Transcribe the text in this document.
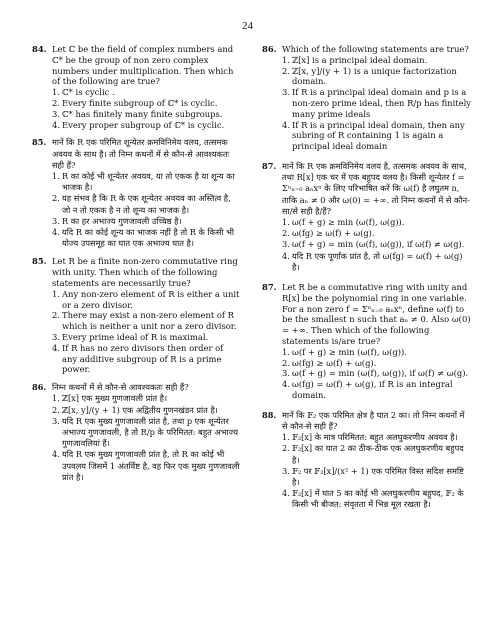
24
84. Let ℂ be the field of complex numbers and ℂ* be the group of non zero complex numbers under multiplication. Then which of the following are true?

1. ℂ* is cyclic .
2. Every finite subgroup of ℂ* is cyclic.
3. ℂ* has finitely many finite subgroups.
4. Every proper subgroup of ℂ* is cyclic.
85. मानें कि R एक परिमित शून्येतर क्रमविनिमेय वलय, तत्समक अवयव के साथ है। तो निम्न कथनों में से कौन-से आवश्यकतः सही हैं?

1. R का कोई भी शून्येतर अवयव, या तो एकक है या शून्य का भाजक है।
2. यह संभव है कि R के एक शून्येतर अवयव का अस्तित्व है, जो न तो एकक है न तो शून्य का भाजक है।
3. R का हर अभाज्य गुणजावली उच्चिष्ठ है।
4. यदि R का कोई शून्य का भाजक नहीं है तो R के किसी भी योज्य उपसमूह का घात एक अभाज्य घात है।
85. Let R be a finite non-zero commutative ring with unity. Then which of the following statements are necessarily true?

1. Any non-zero element of R is either a unit or a zero divisor.
2. There may exist a non-zero element of R which is neither a unit nor a zero divisor.
3. Every prime ideal of R is maximal.
4. If R has no zero divisors then order of any additive subgroup of R is a prime power.
86. निम्न कथनों में से कौन-से आवश्यकतः सही हैं?

1. ℤ[x] एक मुख्य गुणजावली प्रांत है।
2. ℤ[x, y]/(y + 1) एक अद्वितीय गुणनखंडन प्रांत है।
3. यदि R एक मुख्य गुणजावली प्रांत है, तथा p एक शून्येतर अभाज्य गुणजावली, है तो R/p के परिमितत: बहुत अभाज्य गुणजावलियां हैं।
4. यदि R एक मुख्य गुणजावली प्रांत है, तो R का कोई भी उपवलय जिसमें 1 अंतर्विष्ट है, वह फिर एक मुख्य गुणजावली प्रांत है।
86. Which of the following statements are true?

1. ℤ[x] is a principal ideal domain.
2. ℤ[x, y]/(y + 1) is a unique factorization domain.
3. If R is a principal ideal domain and p is a non-zero prime ideal, then R/p has finitely many prime ideals
4. If R is a principal ideal domain, then any subring of R containing 1 is again a principal ideal domain
87. मानें कि R एक क्रमविनिमेय वलय है, तत्समक अवयव के साथ, तथा R[x] एक चर में एक बहुपद वलय है। किसी शून्येतर f = Σⁿₙ₌₀ aₙxⁿ के लिए परिभाषित करें कि ω(f) है लघुतम n, ताकि aₙ ≠ 0 और ω(0) = +∞. तो निम्न कथनों में से कौन-सा/से सही है/हैं?

1. ω(f + g) ≥ min (ω(f), ω(g)).
2. ω(fg) ≥ ω(f) + ω(g).
3. ω(f + g) = min (ω(f), ω(g)), if ω(f) ≠ ω(g).
4. यदि R एक पूर्णांक प्रांत है, तो ω(fg) = ω(f) + ω(g) है।
87. Let R be a commutative ring with unity and R[x] be the polynomial ring in one variable. For a non zero f = Σⁿₙ₌₀ aₙxⁿ, define ω(f) to be the smallest n such that aₙ ≠ 0. Also ω(0) = +∞. Then which of the following statements is/are true?

1. ω(f + g) ≥ min (ω(f), ω(g)).
2. ω(fg) ≥ ω(f) + ω(g).
3. ω(f + g) = min (ω(f), ω(g)), if ω(f) ≠ ω(g).
4. ω(fg) = ω(f) + ω(g), if R is an integral domain.
88. मानें कि 𝔽₂ एक परिमित क्षेत्र है घात 2 का। तो निम्न कथनों में से कौन-से सही हैं?

1. 𝔽₂[x] के मात्र परिमितत: बहुत अलघुकरणीय अवयव है।
2. 𝔽₂[x] का घात 2 का ठीक-ठीक एक अलघुकरणीय बहुपद है।
3. 𝔽₂ पर 𝔽₂[x]/(x² + 1) एक परिमित विस्त सदिश समष्टि है।
4. 𝔽₂[x] में घात 5 का कोई भी अलघुकरणीय बहुपद, 𝔽₂ के किसी भी बीजत: संवृतता में भिन्न मूल रखता है।
